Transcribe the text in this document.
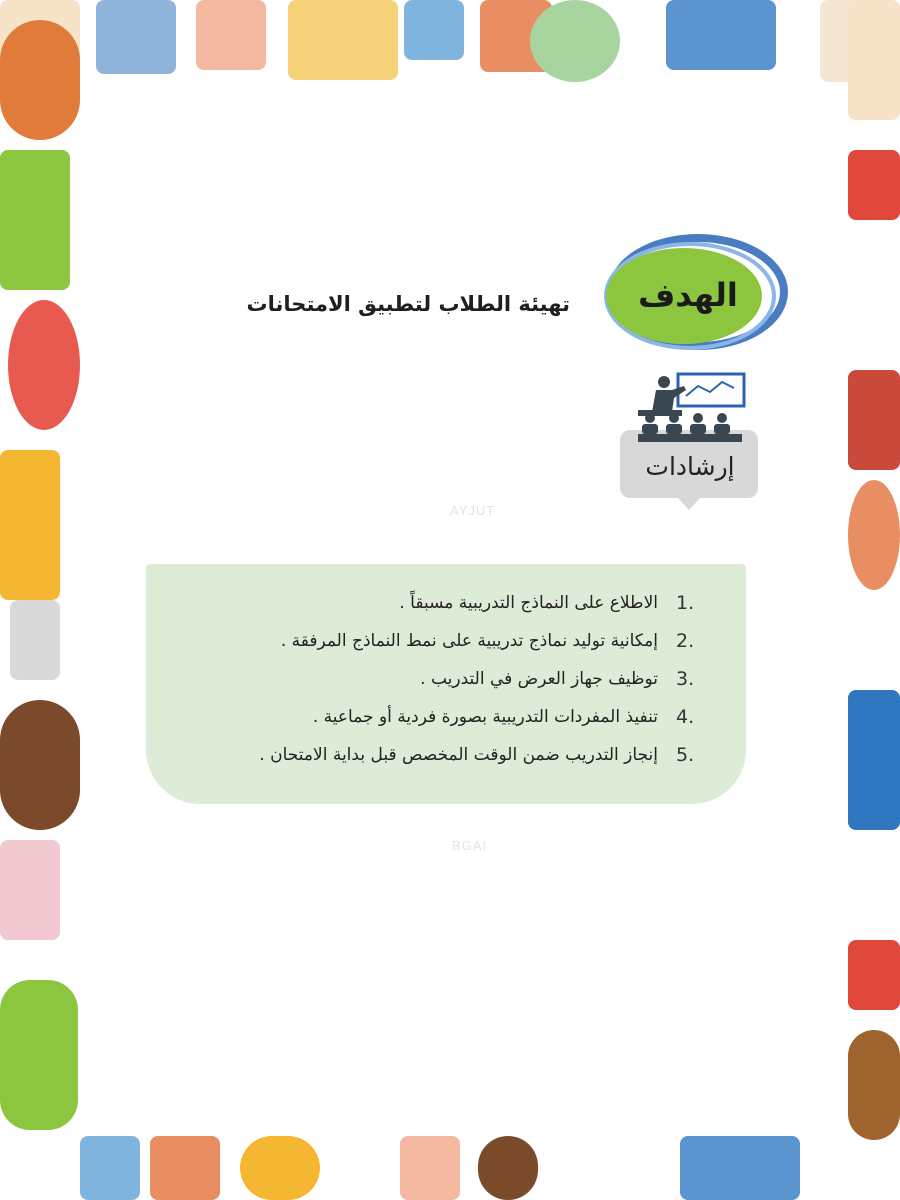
الهدف
تهيئة الطلاب لتطبيق الامتحانات
إرشادات
AYJUT
BGAI
1.
الاطلاع على النماذج التدريبية مسبقاً .
2.
إمكانية توليد نماذج تدريبية على نمط النماذج المرفقة .
3.
توظيف جهاز العرض في التدريب .
4.
تنفيذ المفردات التدريبية بصورة فردية أو جماعية .
5.
إنجاز التدريب ضمن الوقت المخصص قبل بداية الامتحان .
